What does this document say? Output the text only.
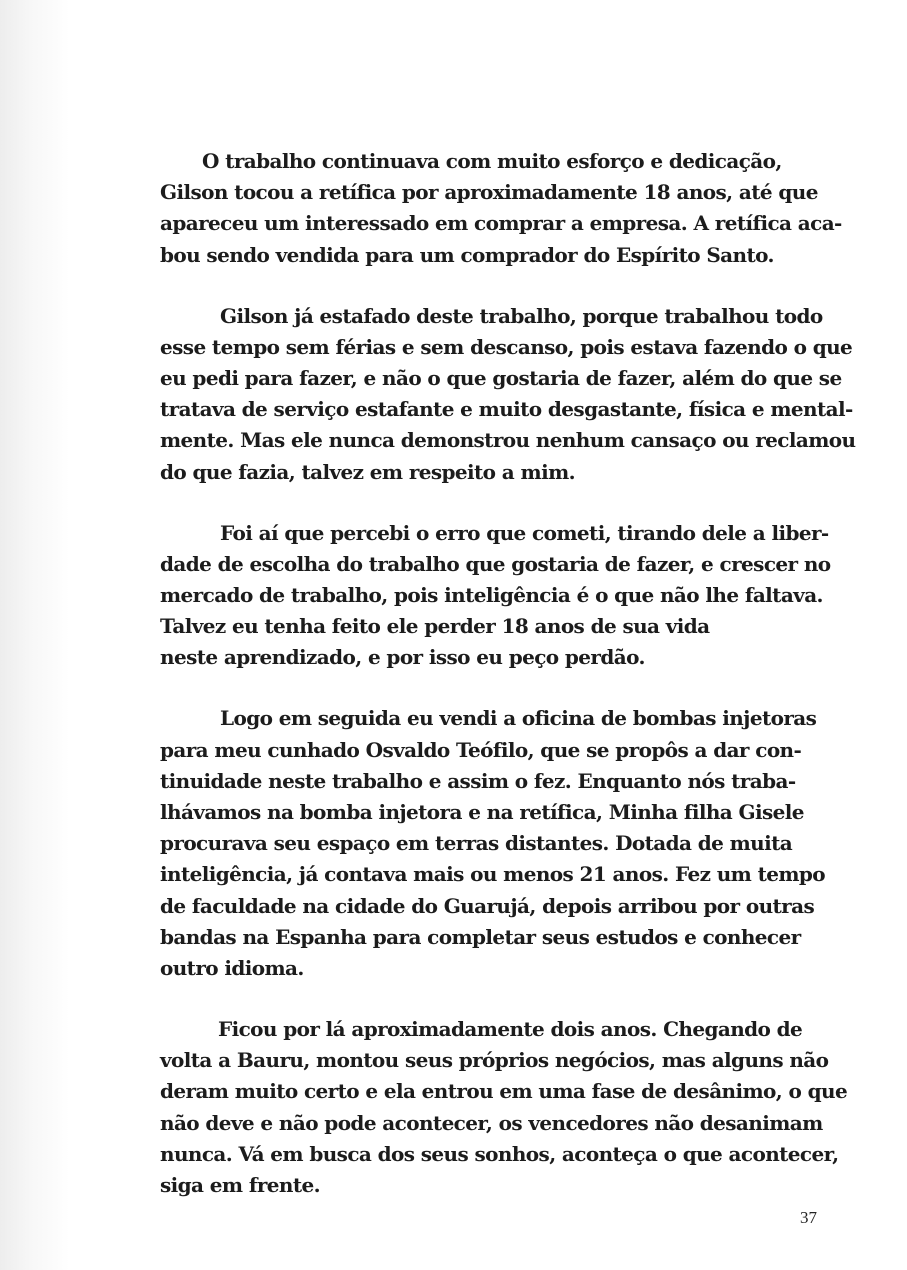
O trabalho continuava com muito esforço e dedicação,
Gilson tocou a retífica por aproximadamente 18 anos, até que
apareceu um interessado em comprar a empresa. A retífica aca-
bou sendo vendida para um comprador do Espírito Santo.

Gilson já estafado deste trabalho, porque trabalhou todo
esse tempo sem férias e sem descanso, pois estava fazendo o que
eu pedi para fazer, e não o que gostaria de fazer, além do que se
tratava de serviço estafante e muito desgastante, física e mental-
mente. Mas ele nunca demonstrou nenhum cansaço ou reclamou
do que fazia, talvez em respeito a mim.

Foi aí que percebi o erro que cometi, tirando dele a liber-
dade de escolha do trabalho que gostaria de fazer, e crescer no
mercado de trabalho, pois inteligência é o que não lhe faltava.
Talvez eu tenha feito ele perder 18 anos de sua vida
neste aprendizado, e por isso eu peço perdão.

Logo em seguida eu vendi a oficina de bombas injetoras
para meu cunhado Osvaldo Teófilo, que se propôs a dar con-
tinuidade neste trabalho e assim o fez. Enquanto nós traba-
lhávamos na bomba injetora e na retífica, Minha filha Gisele
procurava seu espaço em terras distantes. Dotada de muita
inteligência, já contava mais ou menos 21 anos. Fez um tempo
de faculdade na cidade do Guarujá, depois arribou por outras
bandas na Espanha para completar seus estudos e conhecer
outro idioma.

Ficou por lá aproximadamente dois anos. Chegando de
volta a Bauru, montou seus próprios negócios, mas alguns não
deram muito certo e ela entrou em uma fase de desânimo, o que
não deve e não pode acontecer, os vencedores não desanimam
nunca. Vá em busca dos seus sonhos, aconteça o que acontecer,
siga em frente.

37
